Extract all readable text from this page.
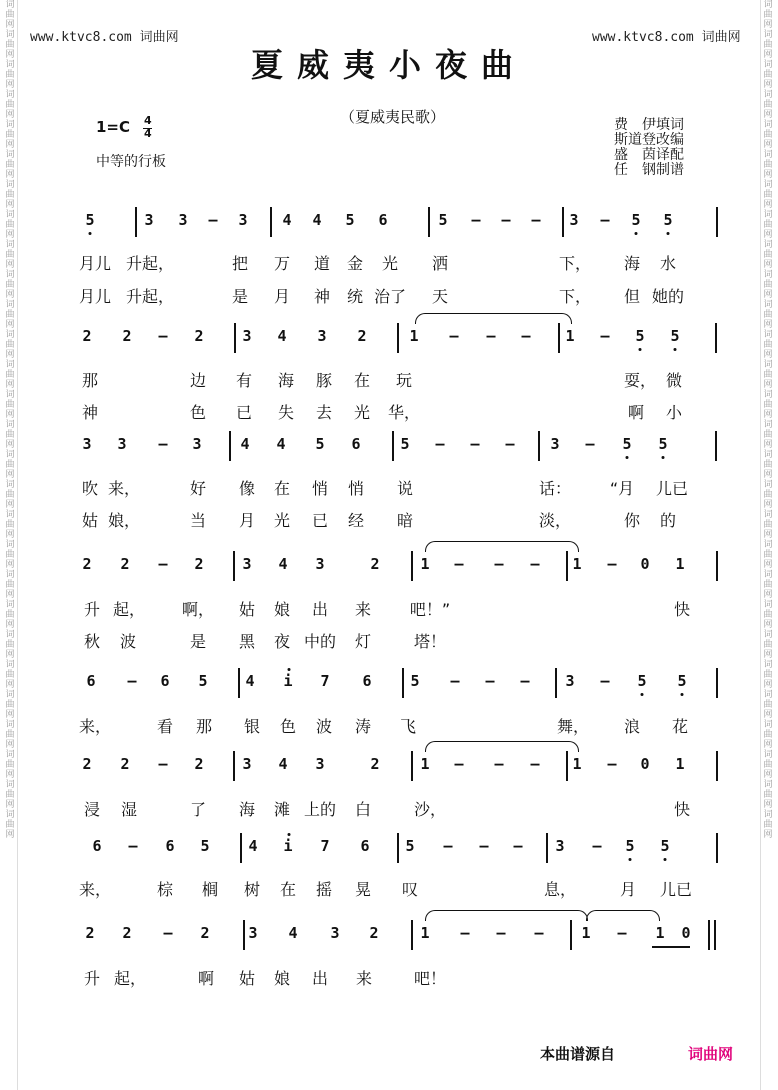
词曲网词曲网词曲网词曲网词曲网词曲网词曲网词曲网词曲网词曲网词曲网词曲网词曲网词曲网词曲网词曲网词曲网词曲网词曲网词曲网词曲网词曲网词曲网词曲网词曲网词曲网词曲网词曲网
词曲网词曲网词曲网词曲网词曲网词曲网词曲网词曲网词曲网词曲网词曲网词曲网词曲网词曲网词曲网词曲网词曲网词曲网词曲网词曲网词曲网词曲网词曲网词曲网词曲网词曲网词曲网词曲网
www.ktvc8.com 词曲网	www.ktvc8.com 词曲网
夏威夷小夜曲
（夏威夷民歌）
1=C 4
4
中等的行板
费　伊填词
斯道登改编
盛　茵译配
任　钢制谱
5	3 3 – 3 4 4 5 6	5 – – – 3 – 5 5
月儿 升起，	把 万 道 金 光 洒	下， 海 水
月儿 升起，	是 月 神 统 治了 天	下， 但 她的
2 2 – 2	3 4 3 2	1 – – – 1 – 5 5
那	边 有 海 豚 在 玩	耍， 微
神	色 已 失 去 光 华，	啊 小
3 3 – 3	4 4 5 6	5 – – – 3 – 5 5
吹 来，	好 像 在 悄 悄 说	话： “月 儿已
姑 娘，	当 月 光 已 经 暗	淡，	你 的
2 2 – 2	3 4 3	2	1 – – – 1 – 0 1
升 起， 啊， 姑 娘 出 来 吧！”	快
秋 波	是 黑 夜 中的 灯	塔！
6 – 6 5	4 i 7 6	5 – – – 3 – 5 5
来，	看 那 银 色 波 涛 飞	舞， 浪 花
2 2 – 2	3 4 3	2	1 – – – 1 – 0 1
浸 湿	了 海 滩 上的 白	沙，	快
6 – 6 5	4 i 7 6 5 – – – 3 – 5 5
来，	棕 榈 树 在 摇 晃 叹	息，	月 儿已
2 2 – 2	3 4 3 2	1 – – –	1 – 1 0
升 起，	啊 姑 娘 出 来	吧！
本曲谱源自	词曲网
